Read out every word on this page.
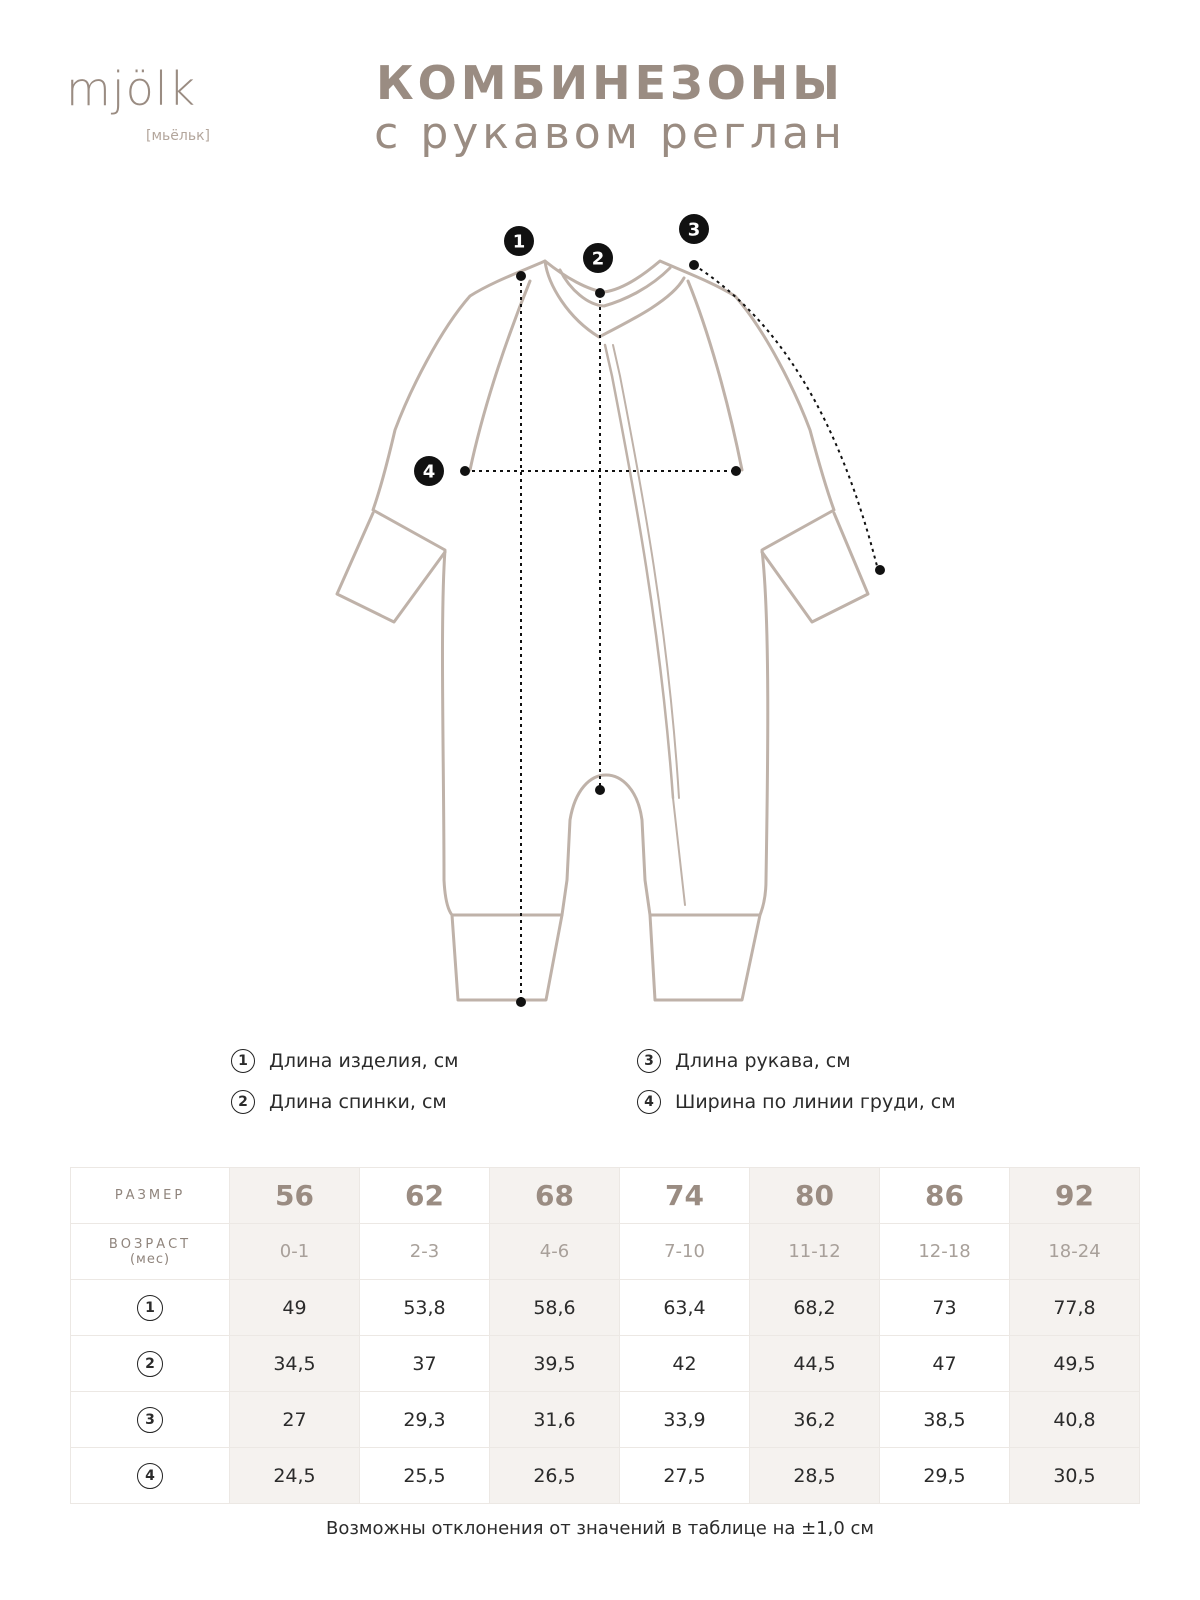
mjölk
[мьёльк]
КОМБИНЕЗОНЫ
с рукавом реглан
1
2
3
4
1	Длина изделия, см
2	Длина спинки, см
3	Длина рукава, см
4	Ширина по линии груди, см
РАЗМЕР	56	62	68	74	80	86	92
ВОЗРАСТ
(мес)	0-1	2-3	4-6	7-10	11-12	12-18	18-24
1	49	53,8	58,6	63,4	68,2	73	77,8
2	34,5	37	39,5	42	44,5	47	49,5
3	27	29,3	31,6	33,9	36,2	38,5	40,8
4	24,5	25,5	26,5	27,5	28,5	29,5	30,5
Возможны отклонения от значений в таблице на ±1,0 см
